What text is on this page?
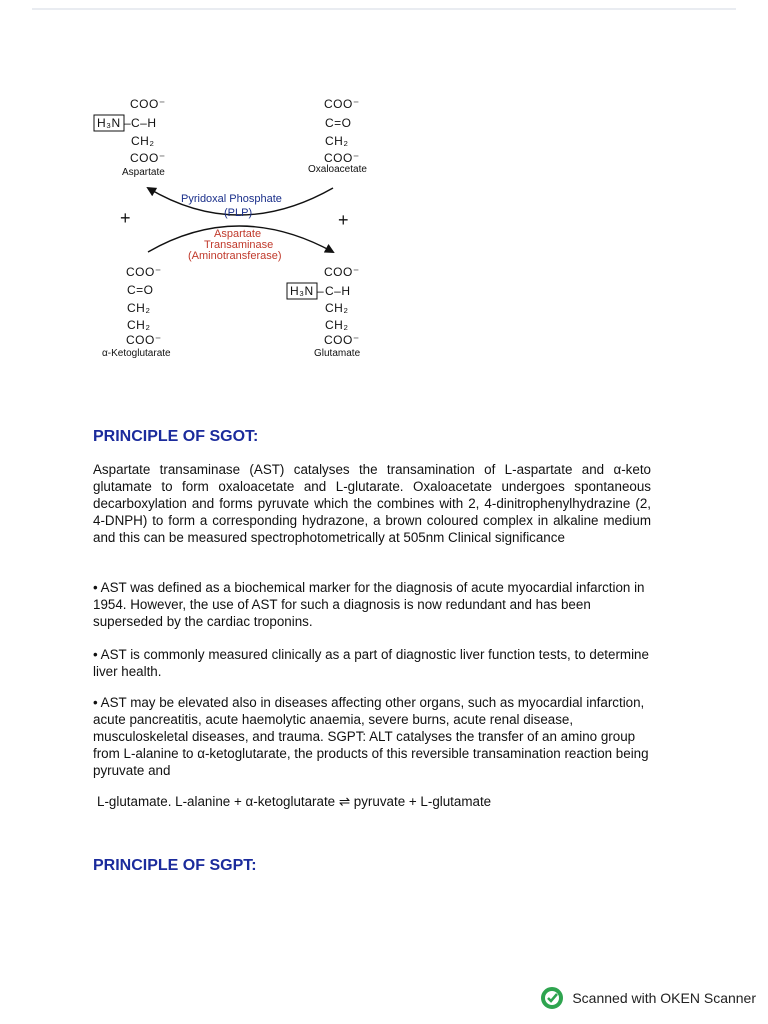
COO⁻
H₃N – C–H
CH₂
COO⁻
Aspartate
COO⁻
C=O
CH₂
COO⁻
Oxaloacetate
Pyridoxal Phosphate
(PLP)
+	+
Aspartate
Transaminase
(Aminotransferase)
COO⁻
C=O
CH₂
CH₂
COO⁻
α-Ketoglutarate
COO⁻
H₃N – C–H
CH₂
CH₂
COO⁻
Glutamate
PRINCIPLE OF SGOT:

Aspartate transaminase (AST) catalyses the transamination of L-aspartate and α-keto glutamate to form oxaloacetate and L-glutarate. Oxaloacetate undergoes spontaneous decarboxylation and forms pyruvate which the combines with 2, 4-dinitrophenylhydrazine (2, 4-DNPH) to form a corresponding hydrazone, a brown coloured complex in alkaline medium and this can be measured spectrophotometrically at 505nm Clinical significance

• AST was defined as a biochemical marker for the diagnosis of acute myocardial infarction in 1954. However, the use of AST for such a diagnosis is now redundant and has been superseded by the cardiac troponins.

• AST is commonly measured clinically as a part of diagnostic liver function tests, to determine liver health.

• AST may be elevated also in diseases affecting other organs, such as myocardial infarction, acute pancreatitis, acute haemolytic anaemia, severe burns, acute renal disease, musculoskeletal diseases, and trauma. SGPT: ALT catalyses the transfer of an amino group from L-alanine to α-ketoglutarate, the products of this reversible transamination reaction being pyruvate and

L-glutamate. L-alanine + α-ketoglutarate ⇌ pyruvate + L-glutamate

PRINCIPLE OF SGPT:
Scanned with OKEN Scanner
